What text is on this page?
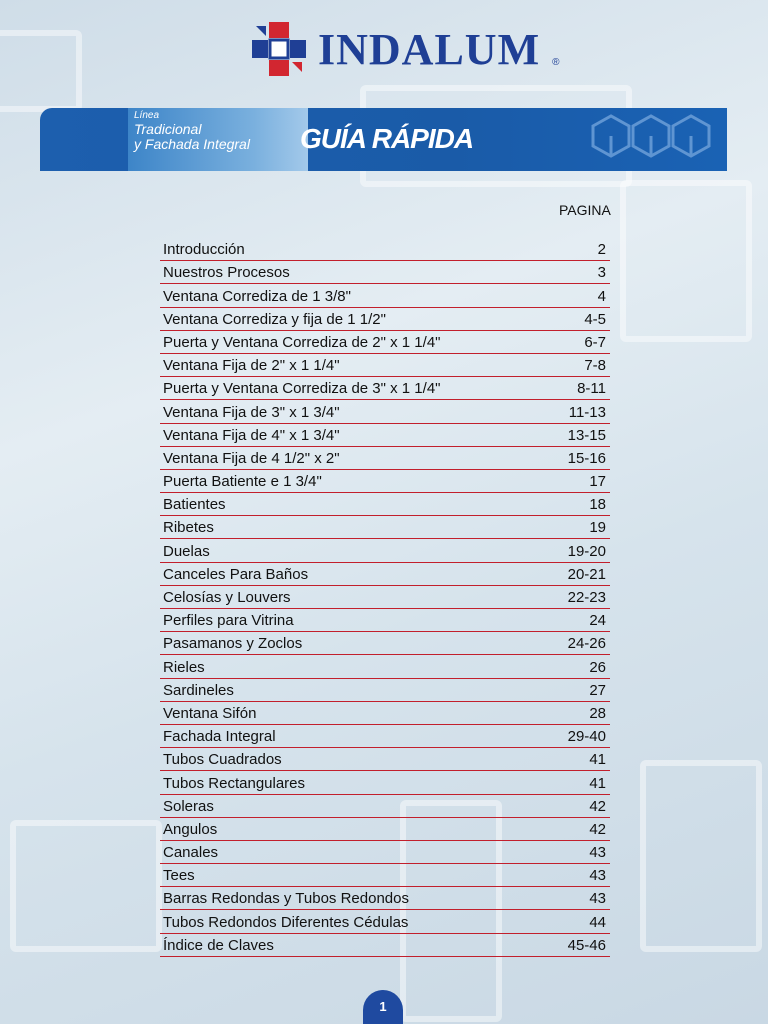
INDALUM ®
Línea
Tradicional
y Fachada Integral	GUÍA RÁPIDA
PAGINA
Introducción	2
Nuestros Procesos	3
Ventana Corrediza de 1 3/8"	4
Ventana Corrediza y fija de 1 1/2"	4-5
Puerta y Ventana Corrediza de 2" x 1 1/4"	6-7
Ventana Fija de 2" x 1 1/4"	7-8
Puerta y Ventana Corrediza de 3" x 1 1/4"	8-11
Ventana Fija de 3" x 1 3/4"	11-13
Ventana Fija de 4" x 1 3/4"	13-15
Ventana Fija de 4 1/2" x 2"	15-16
Puerta Batiente e 1 3/4"	17
Batientes	18
Ribetes	19
Duelas	19-20
Canceles Para Baños	20-21
Celosías y Louvers	22-23
Perfiles para Vitrina	24
Pasamanos y Zoclos	24-26
Rieles	26
Sardineles	27
Ventana Sifón	28
Fachada Integral	29-40
Tubos Cuadrados	41
Tubos Rectangulares	41
Soleras	42
Angulos	42
Canales	43
Tees	43
Barras Redondas y Tubos Redondos	43
Tubos Redondos Diferentes Cédulas	44
Índice de Claves	45-46
1
